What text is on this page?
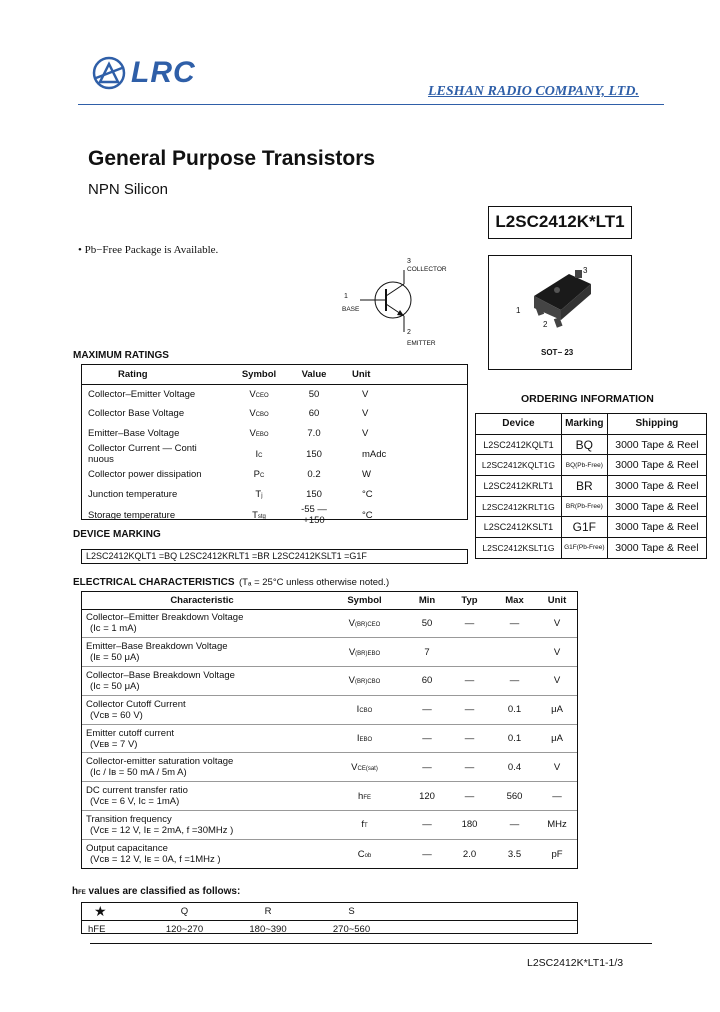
LRC
LESHAN RADIO COMPANY, LTD.
General Purpose Transistors
NPN Silicon
L2SC2412K*LT1
• Pb−Free Package is Available.
3
COLLECTOR
1
BASE
2
EMITTER
3
1
2
SOT− 23
MAXIMUM RATINGS
Rating	Symbol	Value	Unit
Collector–Emitter Voltage	VCEO	50	V
Collector Base Voltage	VCBO	60	V
Emitter–Base Voltage	VEBO	7.0	V
Collector Current — Conti nuous	IC	150	mAdc
Collector power dissipation	PC	0.2	W
Junction temperature	Tj	150	°C
Storage temperature	Tstg	-55 —+150	°C
ORDERING INFORMATION
Device	Marking	Shipping
L2SC2412KQLT1	BQ	3000 Tape & Reel
L2SC2412KQLT1G	BQ(Pb-Free)	3000 Tape & Reel
L2SC2412KRLT1	BR	3000 Tape & Reel
L2SC2412KRLT1G	BR(Pb-Free)	3000 Tape & Reel
L2SC2412KSLT1	G1F	3000 Tape & Reel
L2SC2412KSLT1G	G1F(Pb-Free)	3000 Tape & Reel
DEVICE MARKING
L2SC2412KQLT1 =BQ L2SC2412KRLT1 =BR L2SC2412KSLT1 =G1F
ELECTRICAL CHARACTERISTICS (Tₐ = 25°C unless otherwise noted.)
Characteristic	Symbol	Min	Typ	Max	Unit

Collector–Emitter Breakdown Voltage
(Iᴄ = 1 mA)	V(BR)CEO	50	—	—	V

Emitter–Base Breakdown Voltage
(Iᴇ = 50 μA)	V(BR)EBO	7			V

Collector–Base Breakdown Voltage
(Iᴄ = 50 μA)	V(BR)CBO	60	—	—	V

Collector Cutoff Current
(Vᴄʙ = 60 V)	ICBO	—	—	0.1	μA

Emitter cutoff current
(Vᴇʙ = 7 V)	IEBO	—	—	0.1	μA

Collector-emitter saturation voltage
(Iᴄ / Iʙ = 50 mA / 5m A)	VCE(sat)	—	—	0.4	V

DC current transfer ratio
(Vᴄᴇ = 6 V, Iᴄ = 1mA)	hFE	120	—	560	—

Transition frequency
(Vᴄᴇ = 12 V, Iᴇ = 2mA, f =30MHz )	fT	—	180	—	MHz

Output capacitance
(Vᴄʙ = 12 V, Iᴇ = 0A, f =1MHz )	Cob	—	2.0	3.5	pF
hFE values are classified as follows:
★	Q	R	S	
hFE	120~270	180~390	270~560	
L2SC2412K*LT1-1/3
